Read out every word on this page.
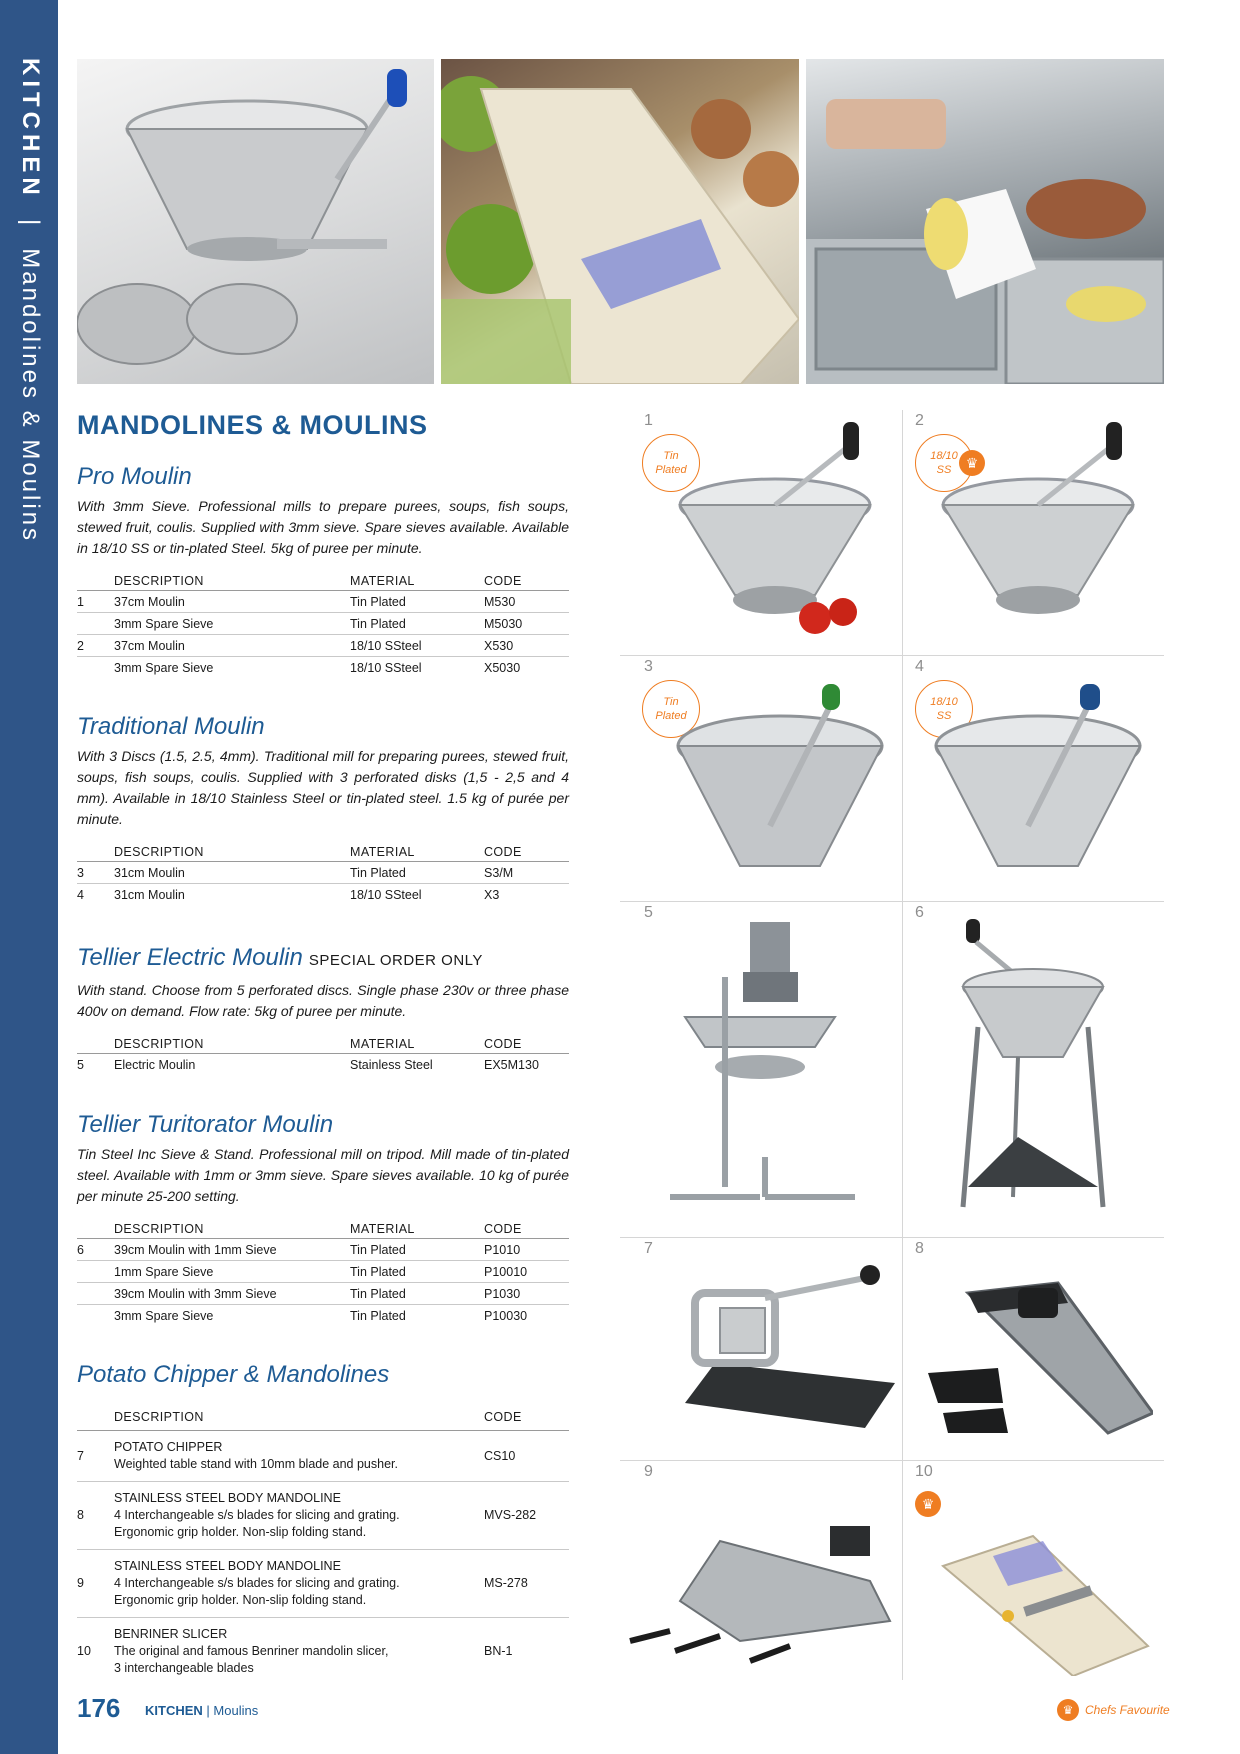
KITCHEN | Mandolines & Moulins MANDOLINES & MOULINS
Pro Moulin
With 3mm Sieve. Professional mills to prepare purees, soups, fish soups, stewed fruit, coulis. Supplied with 3mm sieve. Spare sieves available. Available in 18/10 SS or tin-plated Steel. 5kg of puree per minute.
DESCRIPTION	MATERIAL	CODE
1	37cm Moulin	Tin Plated	M530
3mm Spare Sieve	Tin Plated	M5030
2	37cm Moulin	18/10 SSteel	X530
3mm Spare Sieve	18/10 SSteel	X5030
Traditional Moulin
With 3 Discs (1.5, 2.5, 4mm). Traditional mill for preparing purees, stewed fruit, soups, fish soups, coulis. Supplied with 3 perforated disks (1,5 - 2,5 and 4 mm). Available in 18/10 Stainless Steel or tin-plated steel. 1.5 kg of purée per minute.
DESCRIPTION	MATERIAL	CODE
3	31cm Moulin	Tin Plated	S3/M
4	31cm Moulin	18/10 SSteel	X3
Tellier Electric Moulin SPECIAL ORDER ONLY
With stand. Choose from 5 perforated discs. Single phase 230v or three phase 400v on demand. Flow rate: 5kg of puree per minute.
DESCRIPTION	MATERIAL	CODE
5	Electric Moulin	Stainless Steel	EX5M130
Tellier Turitorator Moulin
Tin Steel Inc Sieve & Stand. Professional mill on tripod. Mill made of tin-plated steel. Available with 1mm or 3mm sieve. Spare sieves available. 10 kg of purée per minute 25-200 setting.
DESCRIPTION	MATERIAL	CODE
6	39cm Moulin with 1mm Sieve	Tin Plated	P1010
1mm Spare Sieve	Tin Plated	P10010
39cm Moulin with 3mm Sieve	Tin Plated	P1030
3mm Spare Sieve	Tin Plated	P10030
Potato Chipper & Mandolines
DESCRIPTION	CODE
7
POTATO CHIPPER
Weighted table stand with 10mm blade and pusher.
CS10
8
STAINLESS STEEL BODY MANDOLINE
4 Interchangeable s/s blades for slicing and grating.
Ergonomic grip holder. Non-slip folding stand.
MVS-282
9
STAINLESS STEEL BODY MANDOLINE
4 Interchangeable s/s blades for slicing and grating.
Ergonomic grip holder. Non-slip folding stand.
MS-278
10
BENRINER SLICER
The original and famous Benriner mandolin slicer,
3 interchangeable blades
BN-1
1
Tin
Plated
2
18/10
SS	♛
3
Tin
Plated
4
18/10
SS
5	6
7	8
9	10
♛
176 KITCHEN | Moulins	♛ Chefs Favourite
